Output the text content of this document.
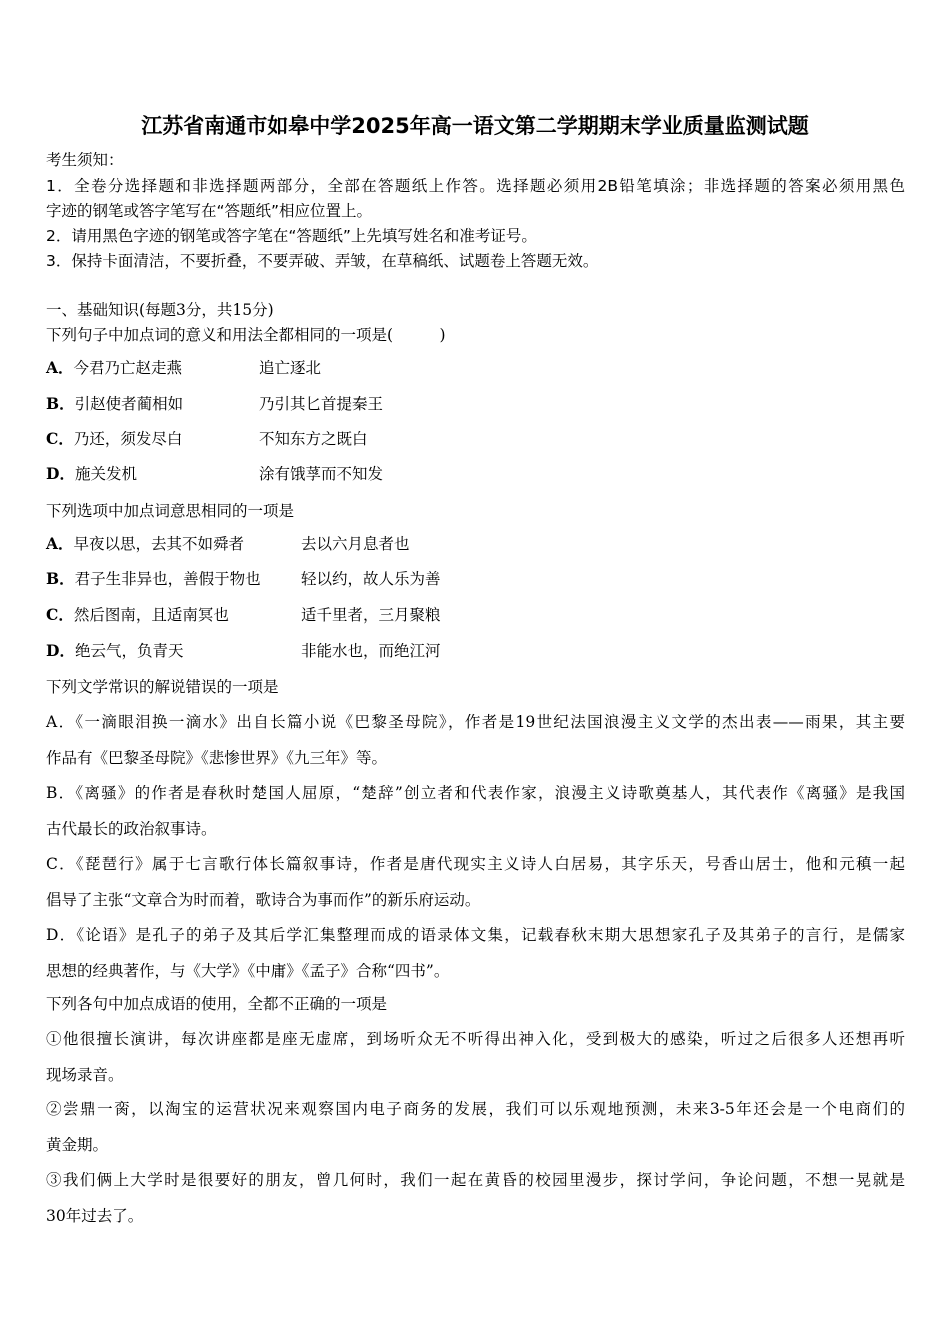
江苏省南通市如皋中学2025年高一语文第二学期期末学业质量监测试题
考生须知：
1．全卷分选择题和非选择题两部分，全部在答题纸上作答。选择题必须用2B铅笔填涂；非选择题的答案必须用黑色
字迹的钢笔或答字笔写在“答题纸”相应位置上。
2．请用黑色字迹的钢笔或答字笔在“答题纸”上先填写姓名和准考证号。
3．保持卡面清洁，不要折叠，不要弄破、弄皱，在草稿纸、试题卷上答题无效。
一、基础知识(每题3分，共15分)
下列句子中加点词的意义和用法全都相同的一项是(　　　)
A．今君乃亡赵走燕	追亡逐北
B．引赵使者蔺相如	乃引其匕首提秦王
C．乃还，须发尽白	不知东方之既白
D．施关发机	涂有饿莩而不知发
下列选项中加点词意思相同的一项是
A．早夜以思，去其不如舜者	去以六月息者也
B．君子生非异也，善假于物也	轻以约，故人乐为善
C．然后图南，且适南冥也	适千里者，三月聚粮
D．绝云气，负青天	非能水也，而绝江河
下列文学常识的解说错误的一项是
A．《一滴眼泪换一滴水》出自长篇小说《巴黎圣母院》，作者是19世纪法国浪漫主义文学的杰出表——雨果，其主要
作品有《巴黎圣母院》《悲惨世界》《九三年》等。
B．《离骚》的作者是春秋时楚国人屈原，“楚辞”创立者和代表作家，浪漫主义诗歌奠基人，其代表作《离骚》是我国
古代最长的政治叙事诗。
C．《琵琶行》属于七言歌行体长篇叙事诗，作者是唐代现实主义诗人白居易，其字乐天，号香山居士，他和元稹一起
倡导了主张“文章合为时而着，歌诗合为事而作”的新乐府运动。
D．《论语》是孔子的弟子及其后学汇集整理而成的语录体文集，记载春秋末期大思想家孔子及其弟子的言行，是儒家
思想的经典著作，与《大学》《中庸》《孟子》合称“四书”。
下列各句中加点成语的使用，全都不正确的一项是
①他很擅长演讲，每次讲座都是座无虚席，到场听众无不听得出神入化，受到极大的感染，听过之后很多人还想再听
现场录音。
②尝鼎一脔，以淘宝的运营状况来观察国内电子商务的发展，我们可以乐观地预测，未来3-5年还会是一个电商们的
黄金期。
③我们俩上大学时是很要好的朋友，曾几何时，我们一起在黄昏的校园里漫步，探讨学问，争论问题，不想一晃就是
30年过去了。
